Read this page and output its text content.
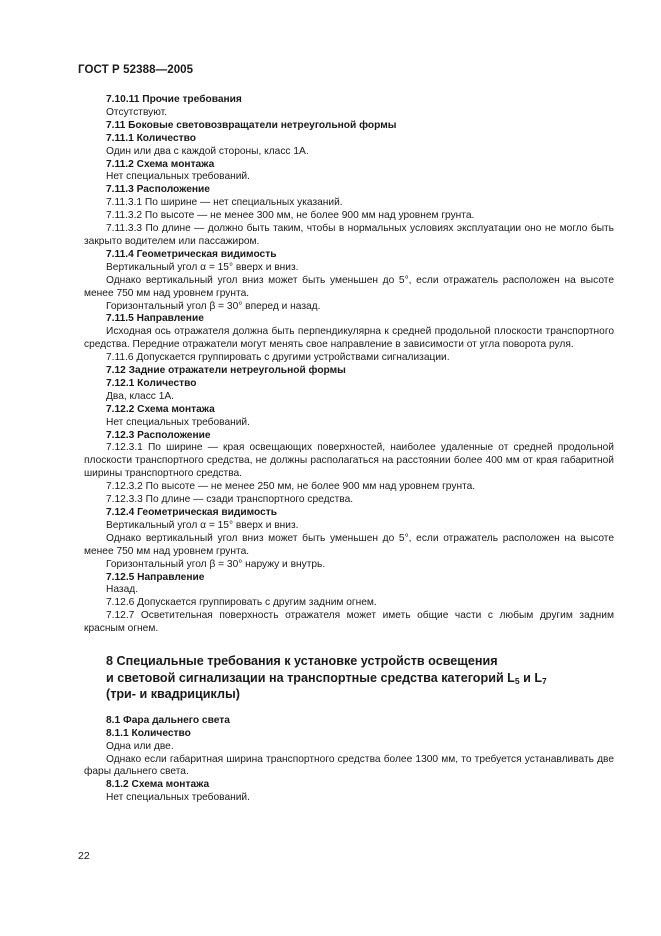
ГОСТ Р 52388—2005

7.10.11 Прочие требования

Отсутствуют.

7.11 Боковые световозвращатели нетреугольной формы

7.11.1 Количество

Один или два с каждой стороны, класс 1А.

7.11.2 Схема монтажа

Нет специальных требований.

7.11.3 Расположение

7.11.3.1 По ширине — нет специальных указаний.

7.11.3.2 По высоте — не менее 300 мм, не более 900 мм над уровнем грунта.

7.11.3.3 По длине — должно быть таким, чтобы в нормальных условиях эксплуатации оно не могло быть закрыто водителем или пассажиром.

7.11.4 Геометрическая видимость

Вертикальный угол α = 15° вверх и вниз.

Однако вертикальный угол вниз может быть уменьшен до 5°, если отражатель расположен на высоте менее 750 мм над уровнем грунта.

Горизонтальный угол β = 30° вперед и назад.

7.11.5 Направление

Исходная ось отражателя должна быть перпендикулярна к средней продольной плоскости транспортного средства. Передние отражатели могут менять свое направление в зависимости от угла поворота руля.

7.11.6 Допускается группировать с другими устройствами сигнализации.

7.12 Задние отражатели нетреугольной формы

7.12.1 Количество

Два, класс 1А.

7.12.2 Схема монтажа

Нет специальных требований.

7.12.3 Расположение

7.12.3.1 По ширине — края освещающих поверхностей, наиболее удаленные от средней продольной плоскости транспортного средства, не должны располагаться на расстоянии более 400 мм от края габаритной ширины транспортного средства.

7.12.3.2 По высоте — не менее 250 мм, не более 900 мм над уровнем грунта.

7.12.3.3 По длине — сзади транспортного средства.

7.12.4 Геометрическая видимость

Вертикальный угол α = 15° вверх и вниз.

Однако вертикальный угол вниз может быть уменьшен до 5°, если отражатель расположен на высоте менее 750 мм над уровнем грунта.

Горизонтальный угол β = 30° наружу и внутрь.

7.12.5 Направление

Назад.

7.12.6 Допускается группировать с другим задним огнем.

7.12.7 Осветительная поверхность отражателя может иметь общие части с любым другим задним красным огнем.

8 Специальные требования к установке устройств освещения
и световой сигнализации на транспортные средства категорий $L_5$ и $L_7$
(три- и квадрициклы)

8.1 Фара дальнего света

8.1.1 Количество

Одна или две.

Однако если габаритная ширина транспортного средства более 1300 мм, то требуется устанавливать две фары дальнего света.

8.1.2 Схема монтажа

Нет специальных требований.

22
